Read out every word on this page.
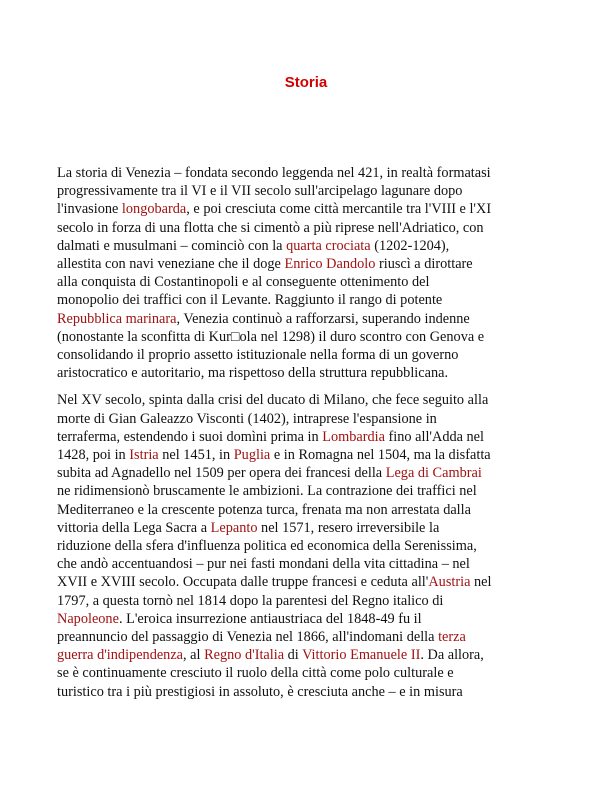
Storia

La storia di Venezia – fondata secondo leggenda nel 421, in realtà formatasi
progressivamente tra il VI e il VII secolo sull'arcipelago lagunare dopo
l'invasione longobarda, e poi cresciuta come città mercantile tra l'VIII e l'XI
secolo in forza di una flotta che si cimentò a più riprese nell'Adriatico, con
dalmati e musulmani – cominciò con la quarta crociata (1202-1204),
allestita con navi veneziane che il doge Enrico Dandolo riuscì a dirottare
alla conquista di Costantinopoli e al conseguente ottenimento del
monopolio dei traffici con il Levante. Raggiunto il rango di potente
Repubblica marinara, Venezia continuò a rafforzarsi, superando indenne
(nonostante la sconfitta di Kur□ola nel 1298) il duro scontro con Genova e
consolidando il proprio assetto istituzionale nella forma di un governo
aristocratico e autoritario, ma rispettoso della struttura repubblicana.

Nel XV secolo, spinta dalla crisi del ducato di Milano, che fece seguito alla
morte di Gian Galeazzo Visconti (1402), intraprese l'espansione in
terraferma, estendendo i suoi domìni prima in Lombardia fino all'Adda nel
1428, poi in Istria nel 1451, in Puglia e in Romagna nel 1504, ma la disfatta
subita ad Agnadello nel 1509 per opera dei francesi della Lega di Cambrai
ne ridimensionò bruscamente le ambizioni. La contrazione dei traffici nel
Mediterraneo e la crescente potenza turca, frenata ma non arrestata dalla
vittoria della Lega Sacra a Lepanto nel 1571, resero irreversibile la
riduzione della sfera d'influenza politica ed economica della Serenissima,
che andò accentuandosi – pur nei fasti mondani della vita cittadina – nel
XVII e XVIII secolo. Occupata dalle truppe francesi e ceduta all'Austria nel
1797, a questa tornò nel 1814 dopo la parentesi del Regno italico di
Napoleone. L'eroica insurrezione antiaustriaca del 1848-49 fu il
preannuncio del passaggio di Venezia nel 1866, all'indomani della terza
guerra d'indipendenza, al Regno d'Italia di Vittorio Emanuele II. Da allora,
se è continuamente cresciuto il ruolo della città come polo culturale e
turistico tra i più prestigiosi in assoluto, è cresciuta anche – e in misura
